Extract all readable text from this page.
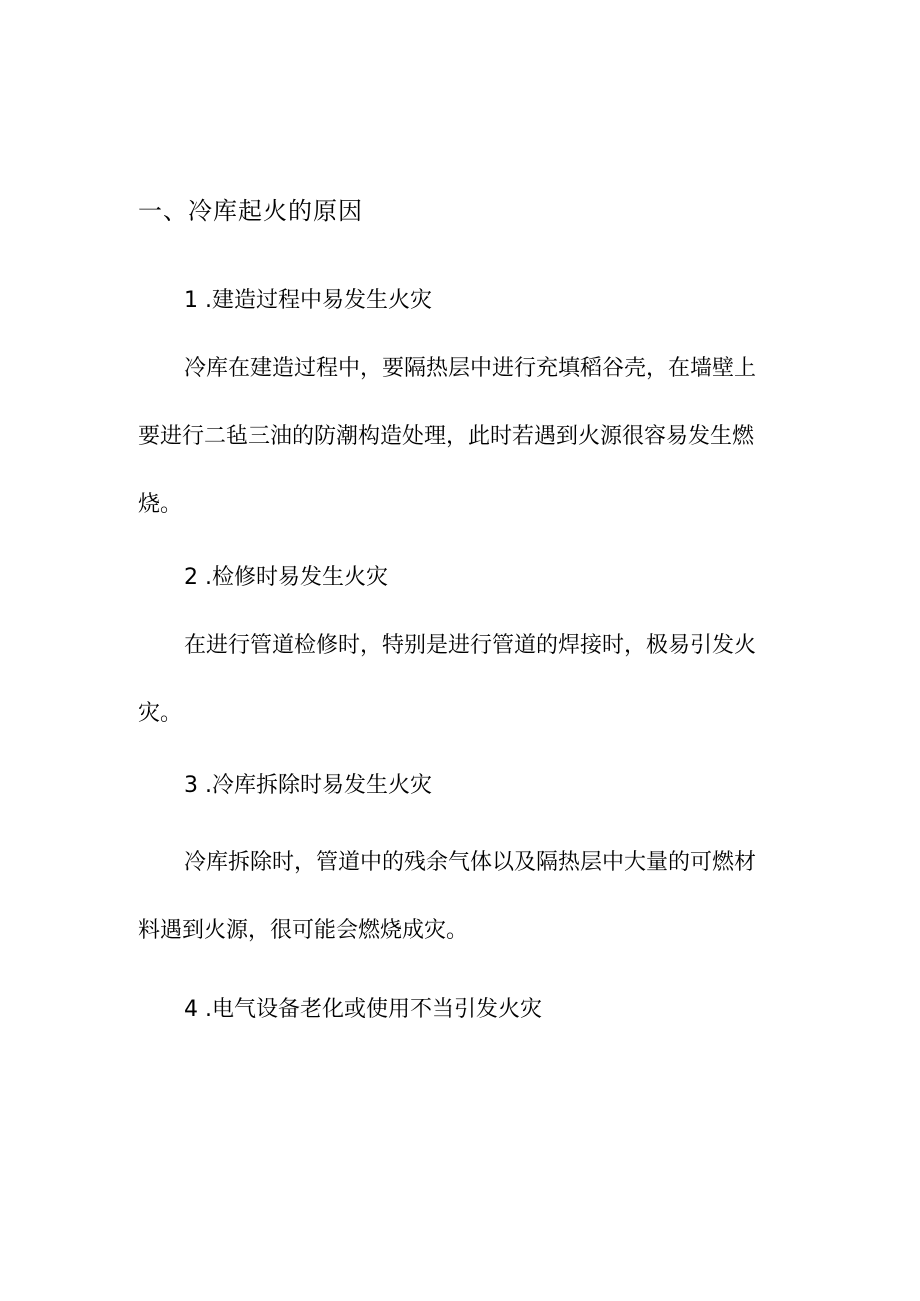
一、冷库起火的原因
1 .建造过程中易发生火灾

冷库在建造过程中，要隔热层中进行充填稻谷壳，在墙壁上
要进行二毡三油的防潮构造处理，此时若遇到火源很容易发生燃
烧。

2 .检修时易发生火灾

在进行管道检修时，特别是进行管道的焊接时，极易引发火
灾。

3 .冷库拆除时易发生火灾

冷库拆除时，管道中的残余气体以及隔热层中大量的可燃材
料遇到火源，很可能会燃烧成灾。

4 .电气设备老化或使用不当引发火灾
